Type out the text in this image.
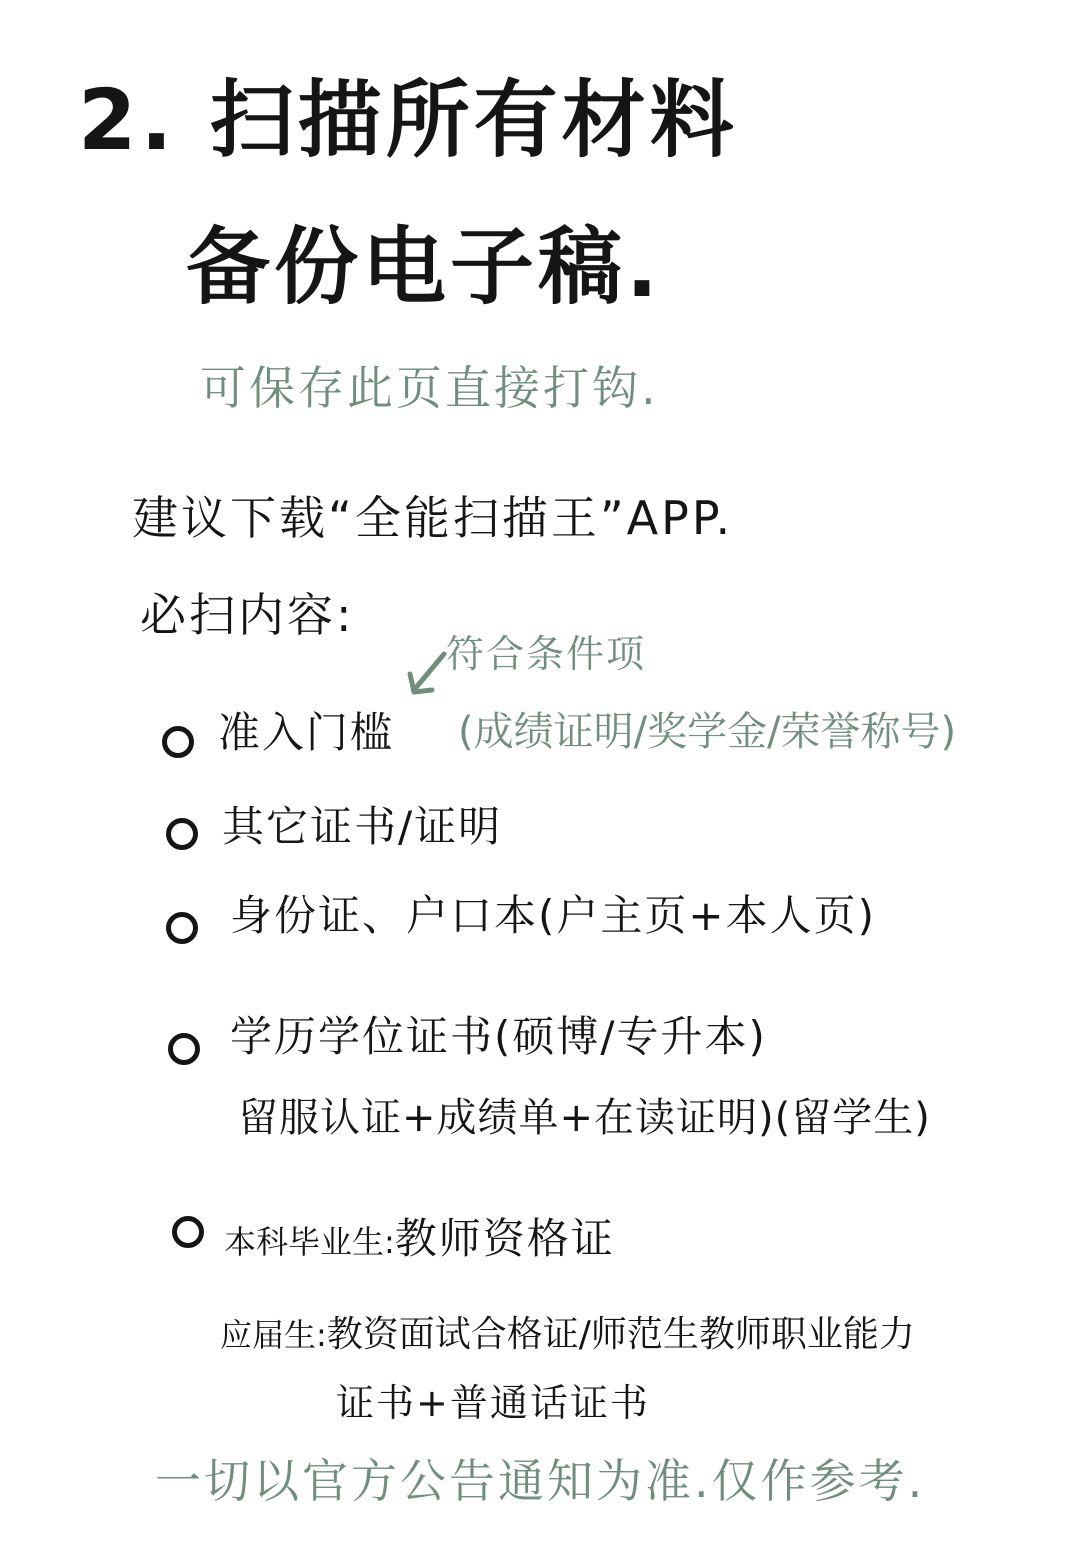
2. 扫描所有材料
备份电子稿.
可保存此页直接打钩.
建议下载“全能扫描王”APP.
必扫内容:
符合条件项
准入门槛 (成绩证明/奖学金/荣誉称号)
其它证书/证明
身份证、户口本(户主页+本人页)
学历学位证书(硕博/专升本)
留服认证+成绩单+在读证明)(留学生)
本科毕业生:教师资格证
应届生:教资面试合格证/师范生教师职业能力
证书+普通话证书
一切以官方公告通知为准.仅作参考.
